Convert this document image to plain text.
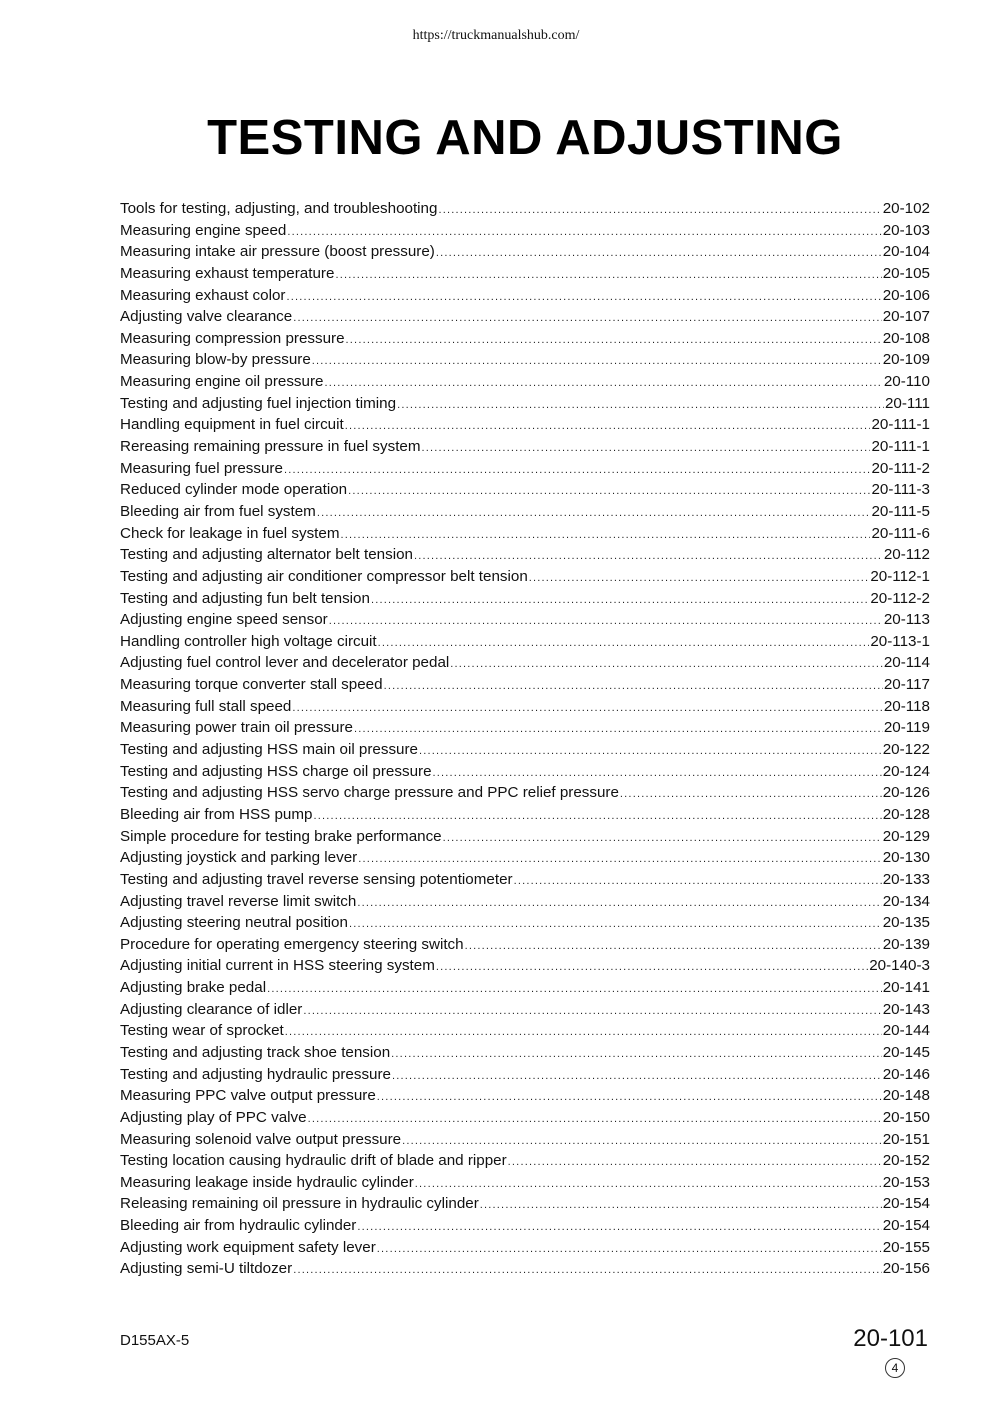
https://truckmanualshub.com/
TESTING AND ADJUSTING
Tools for testing, adjusting, and troubleshooting .....	20-102
Measuring engine speed .....	20-103
Measuring intake air pressure (boost pressure) .....	20-104
Measuring exhaust temperature .....	20-105
Measuring exhaust color .....	20-106
Adjusting valve clearance .....	20-107
Measuring compression pressure .....	20-108
Measuring blow-by pressure .....	20-109
Measuring engine oil pressure .....	20-110
Testing and adjusting fuel injection timing .....	20-111
Handling equipment in fuel circuit .....	20-111-1
Rereasing remaining pressure in fuel system .....	20-111-1
Measuring fuel pressure .....	20-111-2
Reduced cylinder mode operation .....	20-111-3
Bleeding air from fuel system .....	20-111-5
Check for leakage in fuel system .....	20-111-6
Testing and adjusting alternator belt tension .....	20-112
Testing and adjusting air conditioner compressor belt tension .....	20-112-1
Testing and adjusting fun belt tension .....	20-112-2
Adjusting engine speed sensor .....	20-113
Handling controller high voltage circuit .....	20-113-1
Adjusting fuel control lever and decelerator pedal .....	20-114
Measuring torque converter stall speed .....	20-117
Measuring full stall speed .....	20-118
Measuring power train oil pressure .....	20-119
Testing and adjusting HSS main oil pressure .....	20-122
Testing and adjusting HSS charge oil pressure .....	20-124
Testing and adjusting HSS servo charge pressure and PPC relief pressure .....	20-126
Bleeding air from HSS pump .....	20-128
Simple procedure for testing brake performance .....	20-129
Adjusting joystick and parking lever .....	20-130
Testing and adjusting travel reverse sensing potentiometer .....	20-133
Adjusting travel reverse limit switch .....	20-134
Adjusting steering neutral position .....	20-135
Procedure for operating emergency steering switch .....	20-139
Adjusting initial current in HSS steering system .....	20-140-3
Adjusting brake pedal .....	20-141
Adjusting clearance of idler .....	20-143
Testing wear of sprocket .....	20-144
Testing and adjusting track shoe tension .....	20-145
Testing and adjusting hydraulic pressure .....	20-146
Measuring PPC valve output pressure .....	20-148
Adjusting play of PPC valve .....	20-150
Measuring solenoid valve output pressure .....	20-151
Testing location causing hydraulic drift of blade and ripper .....	20-152
Measuring leakage inside hydraulic cylinder .....	20-153
Releasing remaining oil pressure in hydraulic cylinder .....	20-154
Bleeding air from hydraulic cylinder .....	20-154
Adjusting work equipment safety lever .....	20-155
Adjusting semi-U tiltdozer .....	20-156
D155AX-5	20-101
4
